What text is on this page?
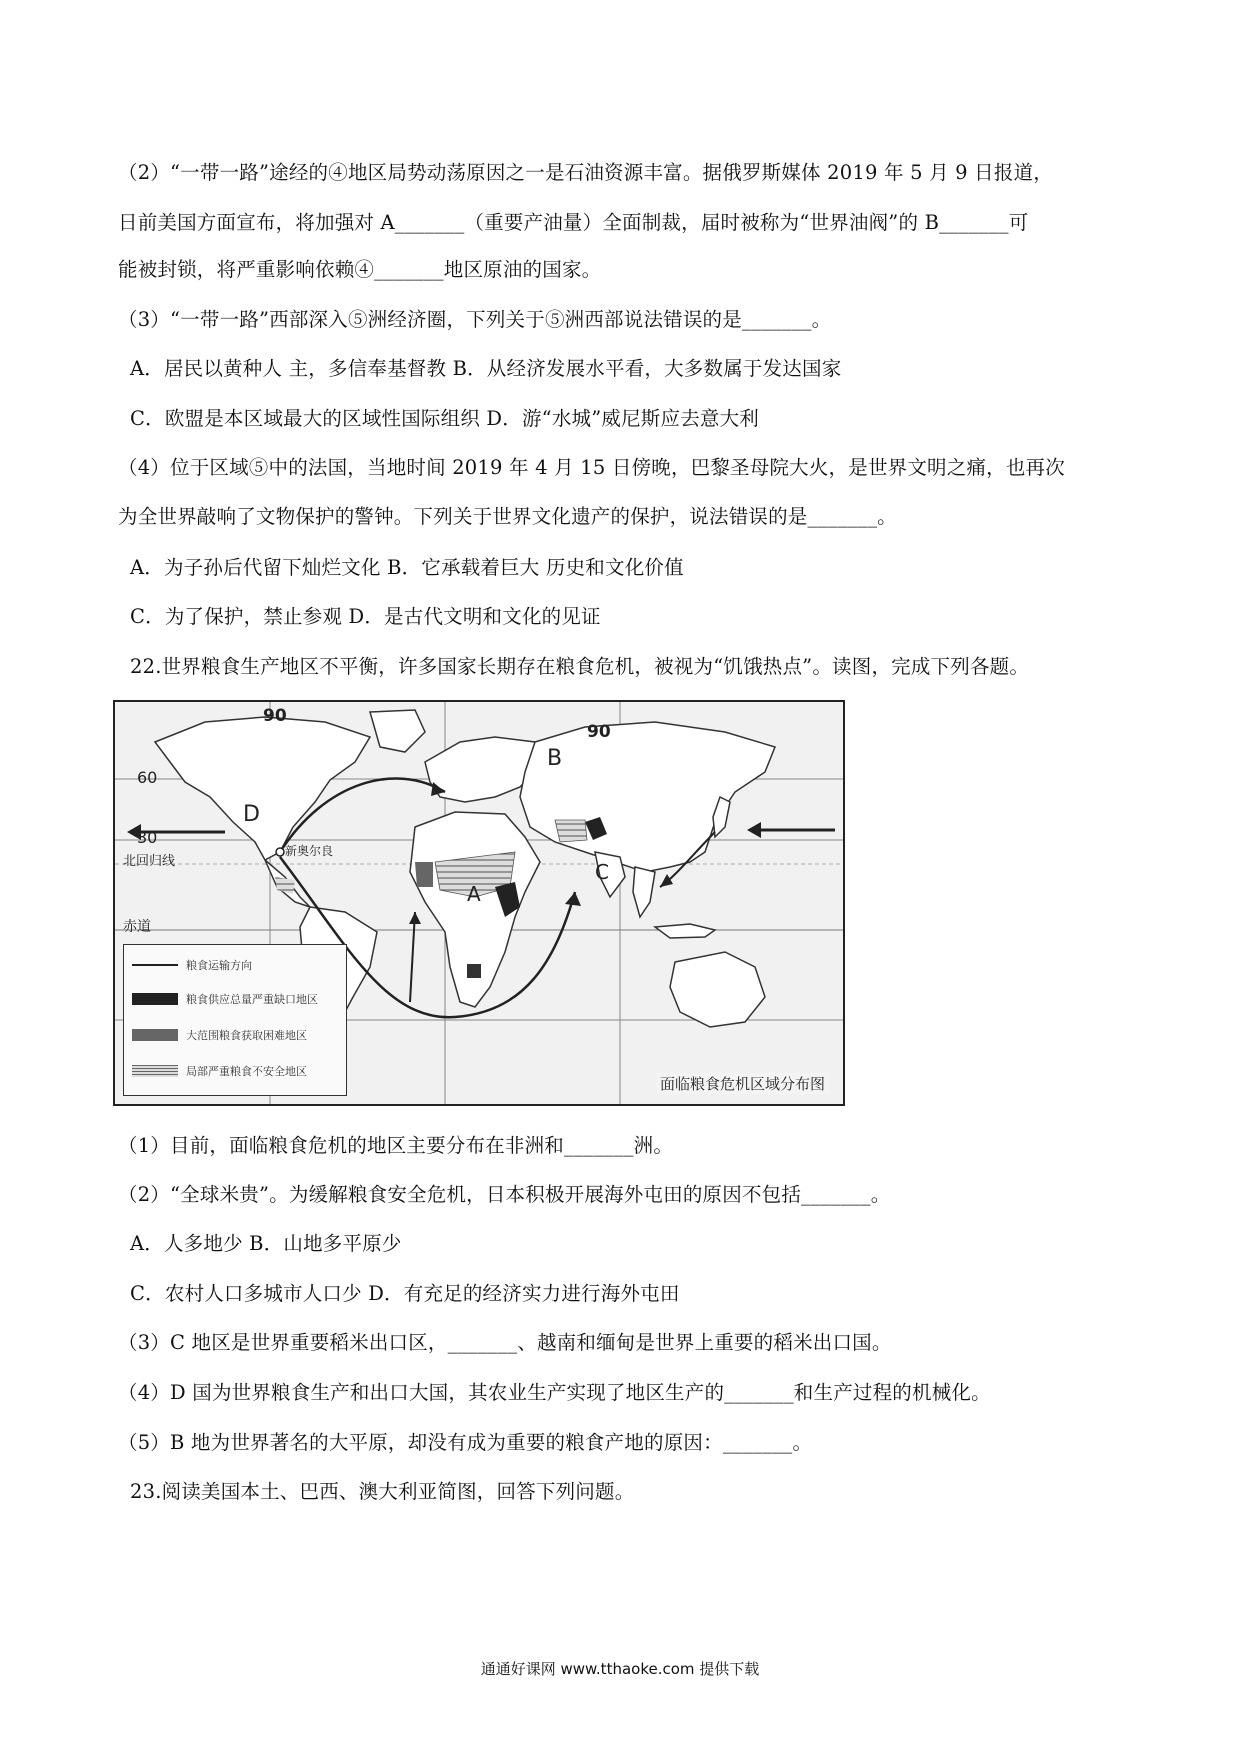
（2）“一带一路”途经的④地区局势动荡原因之一是石油资源丰富。据俄罗斯媒体 2019 年 5 月 9 日报道，
日前美国方面宣布，将加强对 A_______（重要产油量）全面制裁，届时被称为“世界油阀”的 B_______可
能被封锁，将严重影响依赖④_______地区原油的国家。
（3）“一带一路”西部深入⑤洲经济圈，下列关于⑤洲西部说法错误的是_______。
A．居民以黄种人 主，多信奉基督教 B．从经济发展水平看，大多数属于发达国家
C．欧盟是本区域最大的区域性国际组织 D．游“水城”威尼斯应去意大利
（4）位于区域⑤中的法国，当地时间 2019 年 4 月 15 日傍晚，巴黎圣母院大火，是世界文明之痛，也再次
为全世界敲响了文物保护的警钟。下列关于世界文化遗产的保护，说法错误的是_______。
A．为子孙后代留下灿烂文化 B．它承载着巨大 历史和文化价值
C．为了保护，禁止参观 D．是古代文明和文化的见证
22.世界粮食生产地区不平衡，许多国家长期存在粮食危机，被视为“饥饿热点”。读图，完成下列各题。
90
90
60
30
北回归线
赤道
新奥尔良
D
B
A
C
粮食运输方向
粮食供应总量严重缺口地区
大范围粮食获取困难地区
局部严重粮食不安全地区
面临粮食危机区域分布图
（1）目前，面临粮食危机的地区主要分布在非洲和_______洲。
（2）“全球米贵”。为缓解粮食安全危机，日本积极开展海外屯田的原因不包括_______。
A．人多地少 B．山地多平原少
C．农村人口多城市人口少 D．有充足的经济实力进行海外屯田
（3）C 地区是世界重要稻米出口区，_______、越南和缅甸是世界上重要的稻米出口国。
（4）D 国为世界粮食生产和出口大国，其农业生产实现了地区生产的_______和生产过程的机械化。
（5）B 地为世界著名的大平原，却没有成为重要的粮食产地的原因：_______。
23.阅读美国本土、巴西、澳大利亚简图，回答下列问题。
通通好课网 www.tthaoke.com 提供下载
